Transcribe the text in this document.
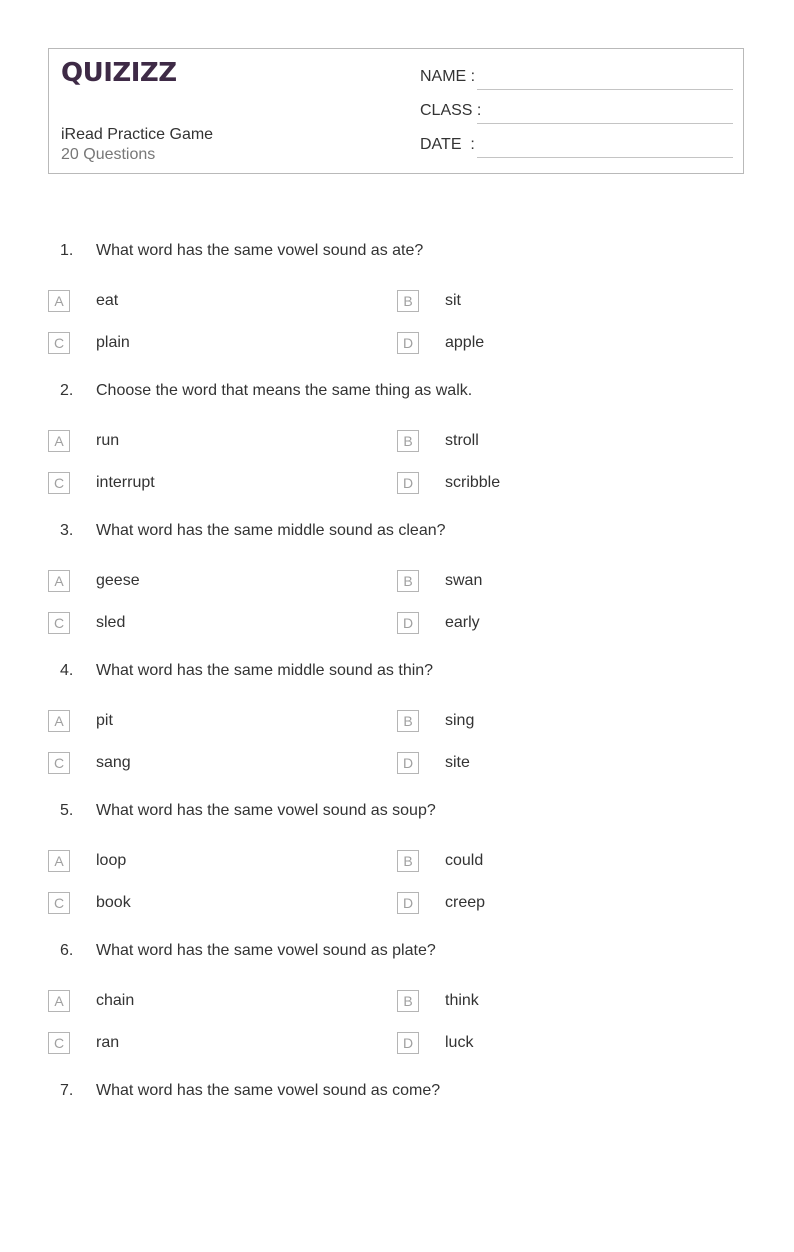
QUIZIZZ
iRead Practice Game
20 Questions
NAME :
CLASS :
DATE  :
1. What word has the same vowel sound as ate?
A	eat	B	sit
C	plain	D	apple
2. Choose the word that means the same thing as walk.
A	run	B	stroll
C	interrupt	D	scribble
3. What word has the same middle sound as clean?
A	geese	B	swan
C	sled	D	early
4. What word has the same middle sound as thin?
A	pit	B	sing
C	sang	D	site
5. What word has the same vowel sound as soup?
A	loop	B	could
C	book	D	creep
6. What word has the same vowel sound as plate?
A	chain	B	think
C	ran	D	luck
7. What word has the same vowel sound as come?
